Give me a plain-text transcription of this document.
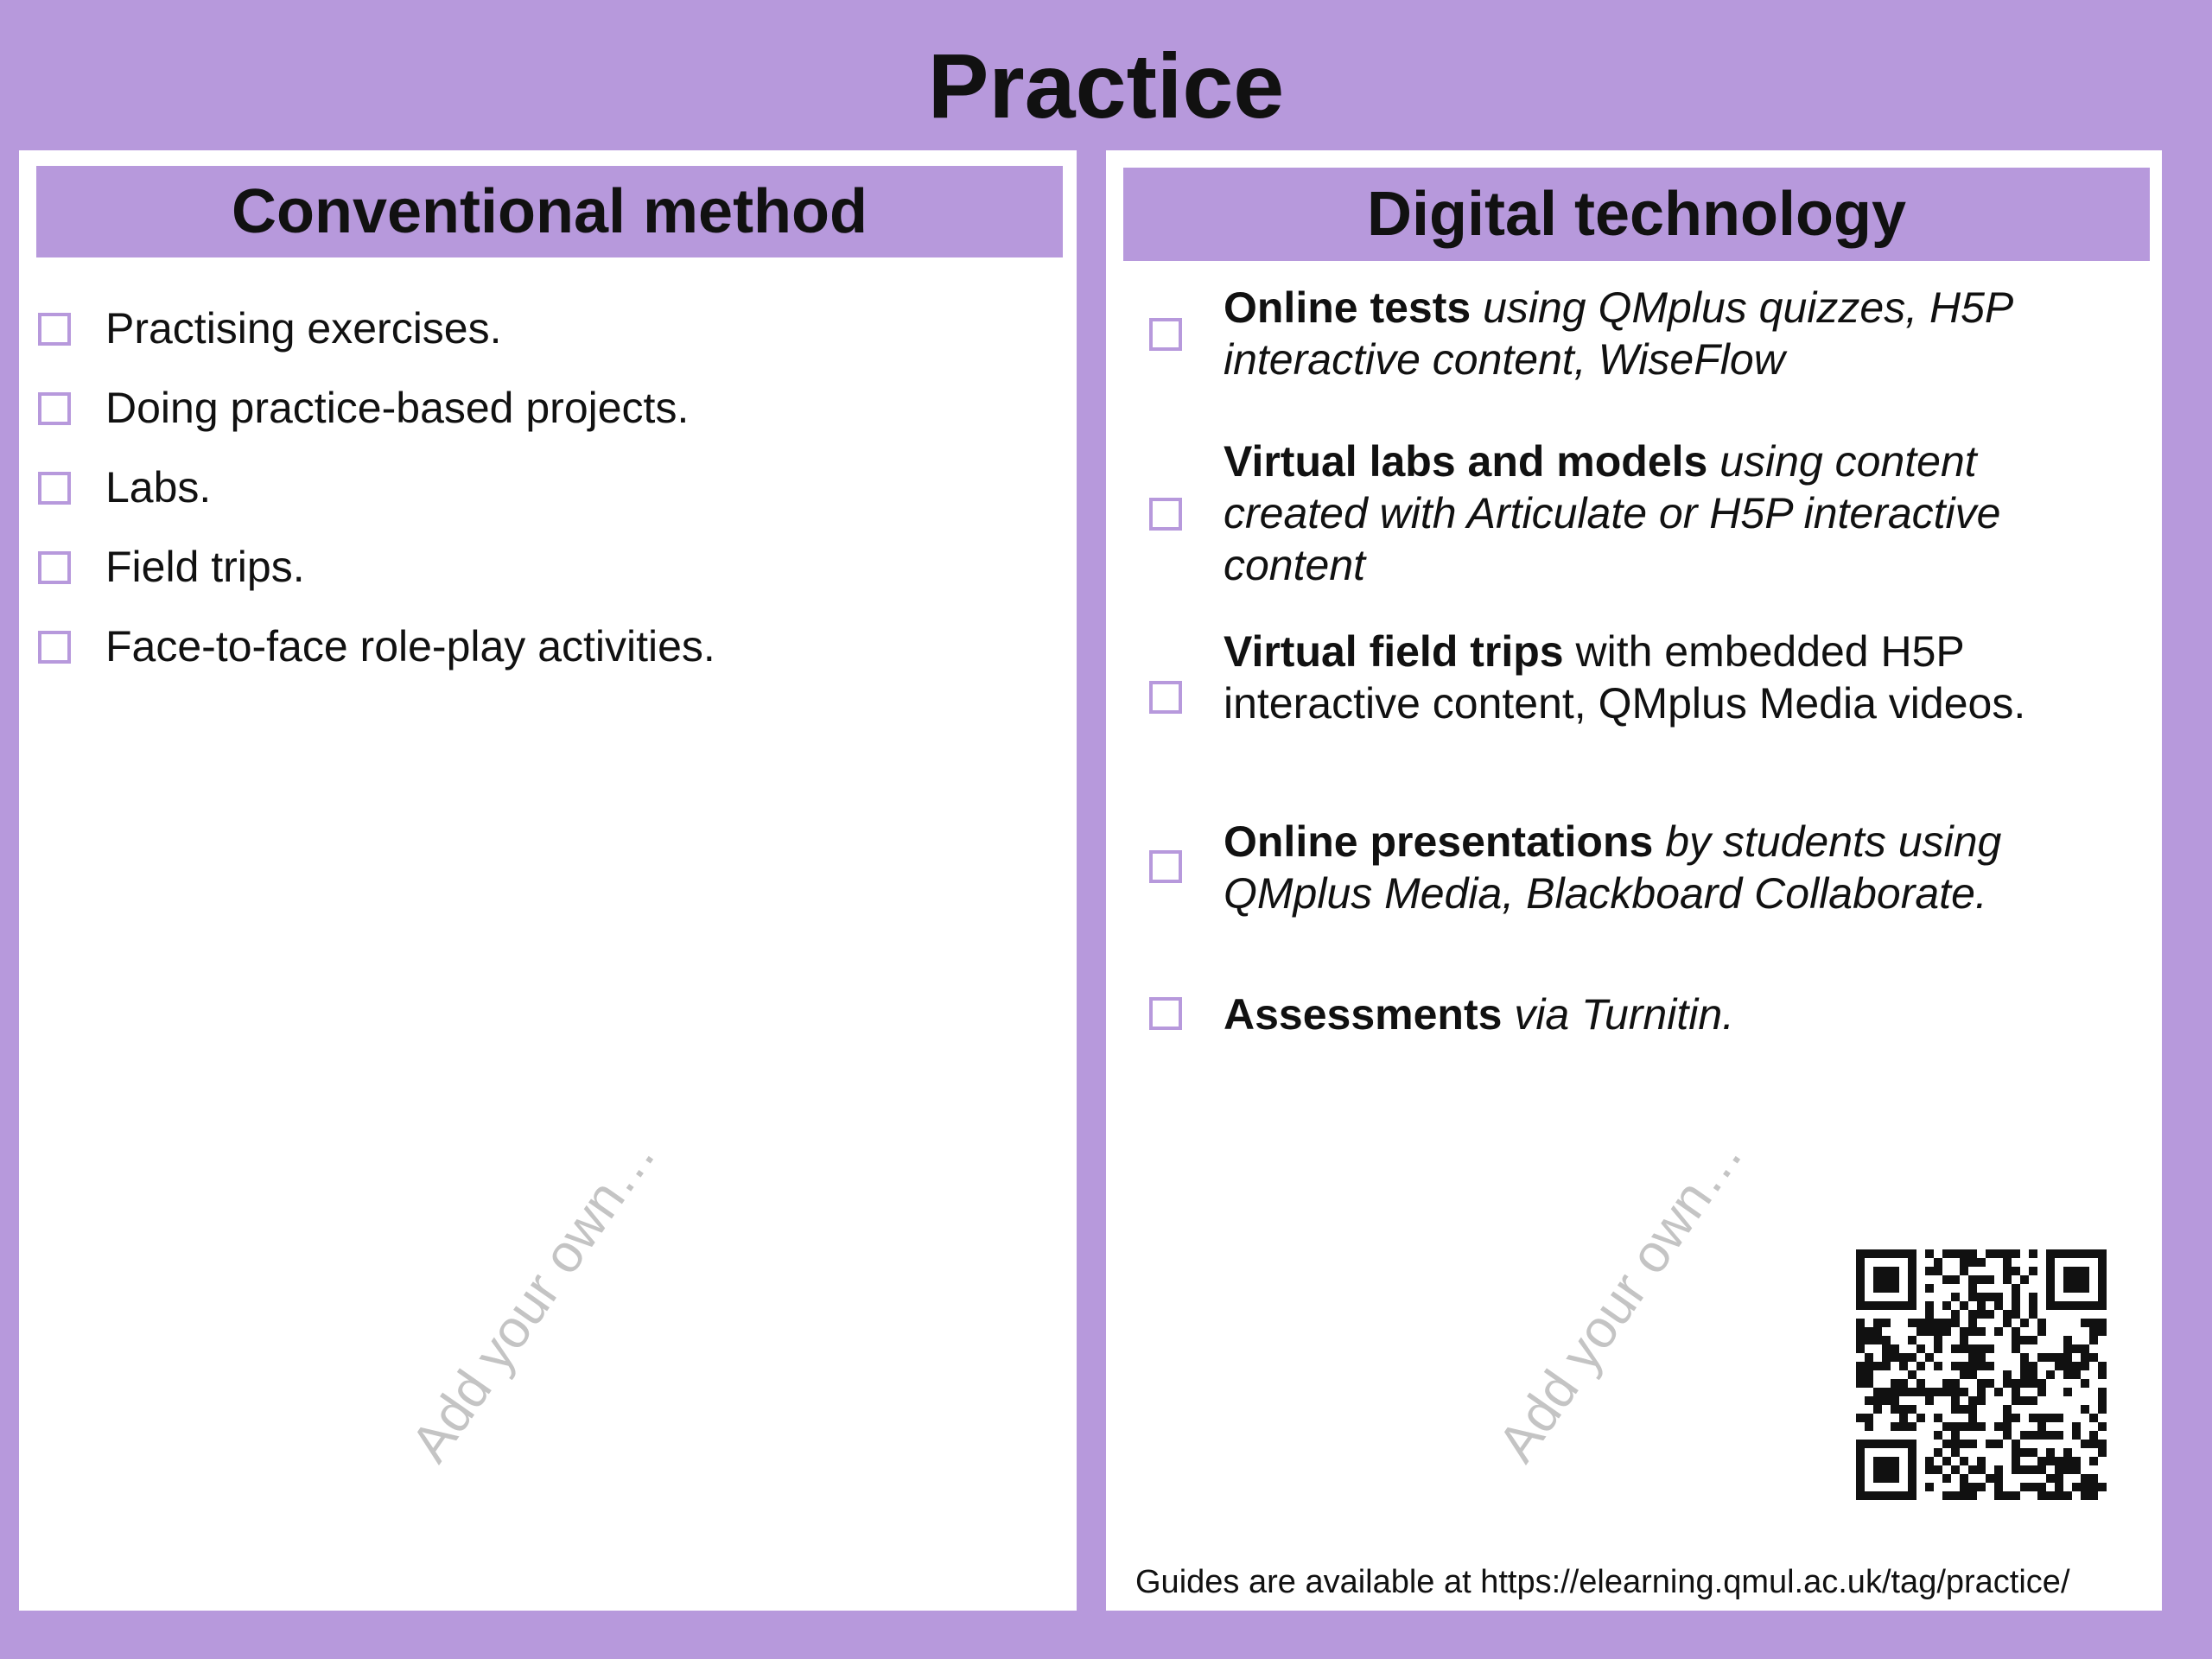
Practice
Conventional method
Practising exercises.
Doing practice-based projects.
Labs.
Field trips.
Face-to-face role-play activities.
Add your own…
Digital technology
Online tests using QMplus quizzes, H5P interactive content, WiseFlow
Virtual labs and models using content created with Articulate or H5P interactive content
Virtual field trips with embedded H5P interactive content, QMplus Media videos.
Online presentations by students using QMplus Media, Blackboard Collaborate.
Assessments via Turnitin.
Add your own…
Guides are available at https://elearning.qmul.ac.uk/tag/practice/
